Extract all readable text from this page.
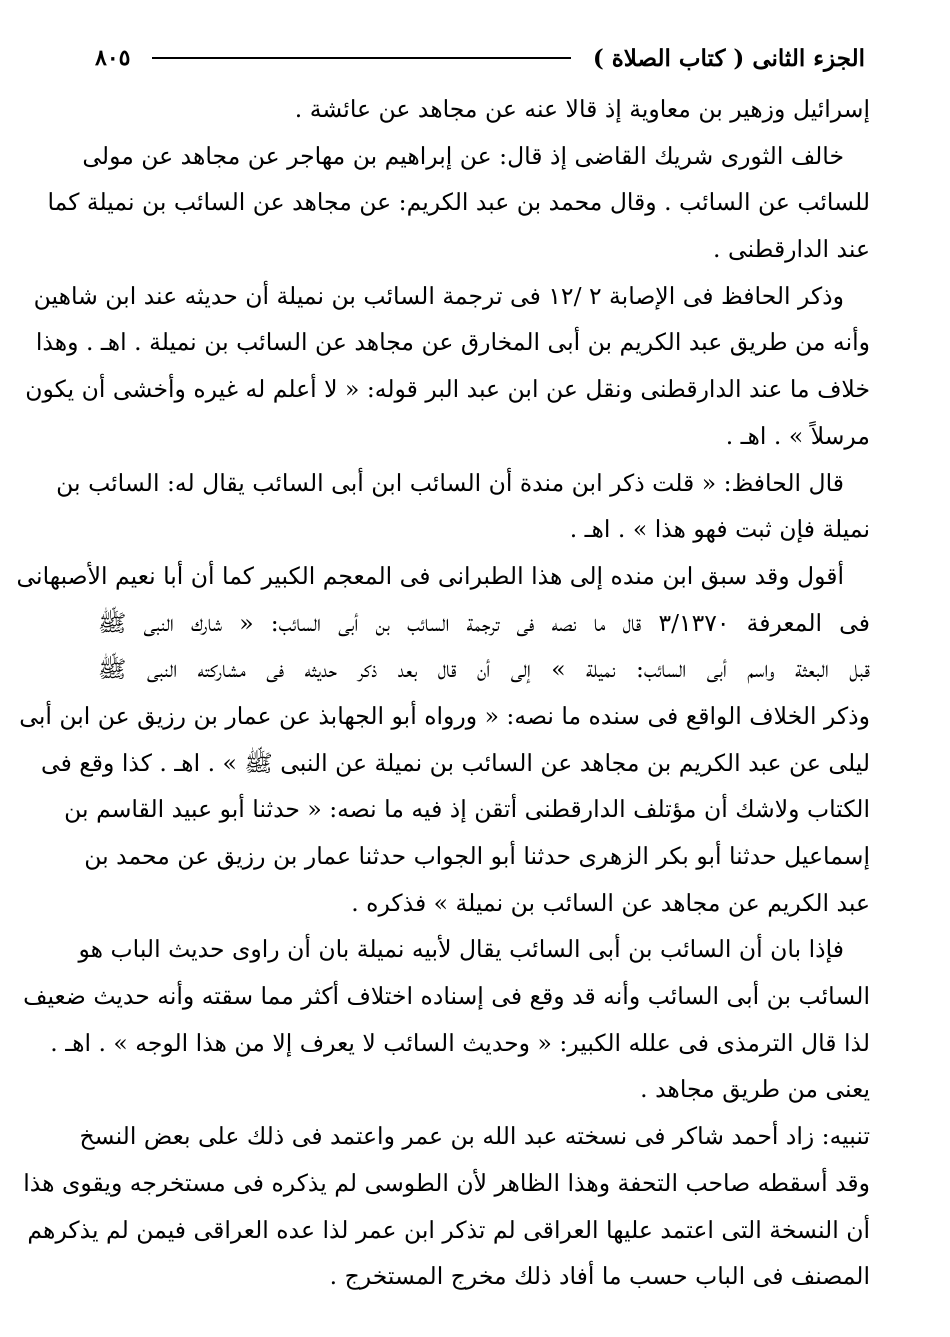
الجزء الثانى ( كتاب الصلاة )
٨٠٥
إسرائيل وزهير بن معاوية إذ قالا عنه عن مجاهد عن عائشة .
خالف الثورى شريك القاضى إذ قال: عن إبراهيم بن مهاجر عن مجاهد عن مولى
للسائب عن السائب . وقال محمد بن عبد الكريم: عن مجاهد عن السائب بن نميلة كما
عند الدارقطنى .
وذكر الحافظ فى الإصابة ٢ /١٢ فى ترجمة السائب بن نميلة أن حديثه عند ابن شاهين
وأنه من طريق عبد الكريم بن أبى المخارق عن مجاهد عن السائب بن نميلة . اهـ . وهذا
خلاف ما عند الدارقطنى ونقل عن ابن عبد البر قوله: « لا أعلم له غيره وأخشى أن يكون
مرسلاً » . اهـ .
قال الحافظ: « قلت ذكر ابن مندة أن السائب ابن أبى السائب يقال له: السائب بن
نميلة فإن ثبت فهو هذا » . اهـ .
أقول وقد سبق ابن منده إلى هذا الطبرانى فى المعجم الكبير كما أن أبا نعيم الأصبهانى
فى المعرفة ٣/١٣٧٠ قال ما نصه فى ترجمة السائب بن أبى السائب: « شارك النبى ﷺ
قبل البعثة واسم أبى السائب: نميلة » إلى أن قال بعد ذكر حديثه فى مشاركته النبى ﷺ
وذكر الخلاف الواقع فى سنده ما نصه: « ورواه أبو الجهابذ عن عمار بن رزيق عن ابن أبى
ليلى عن عبد الكريم بن مجاهد عن السائب بن نميلة عن النبى ﷺ » . اهـ . كذا وقع فى
الكتاب ولاشك أن مؤتلف الدارقطنى أتقن إذ فيه ما نصه: « حدثنا أبو عبيد القاسم بن
إسماعيل حدثنا أبو بكر الزهرى حدثنا أبو الجواب حدثنا عمار بن رزيق عن محمد بن
عبد الكريم عن مجاهد عن السائب بن نميلة » فذكره .
فإذا بان أن السائب بن أبى السائب يقال لأبيه نميلة بان أن راوى حديث الباب هو
السائب بن أبى السائب وأنه قد وقع فى إسناده اختلاف أكثر مما سقته وأنه حديث ضعيف
لذا قال الترمذى فى علله الكبير: « وحديث السائب لا يعرف إلا من هذا الوجه » . اهـ .
يعنى من طريق مجاهد .
تنبيه: زاد أحمد شاكر فى نسخته عبد الله بن عمر واعتمد فى ذلك على بعض النسخ
وقد أسقطه صاحب التحفة وهذا الظاهر لأن الطوسى لم يذكره فى مستخرجه ويقوى هذا
أن النسخة التى اعتمد عليها العراقى لم تذكر ابن عمر لذا عده العراقى فيمن لم يذكرهم
المصنف فى الباب حسب ما أفاد ذلك مخرج المستخرج .
